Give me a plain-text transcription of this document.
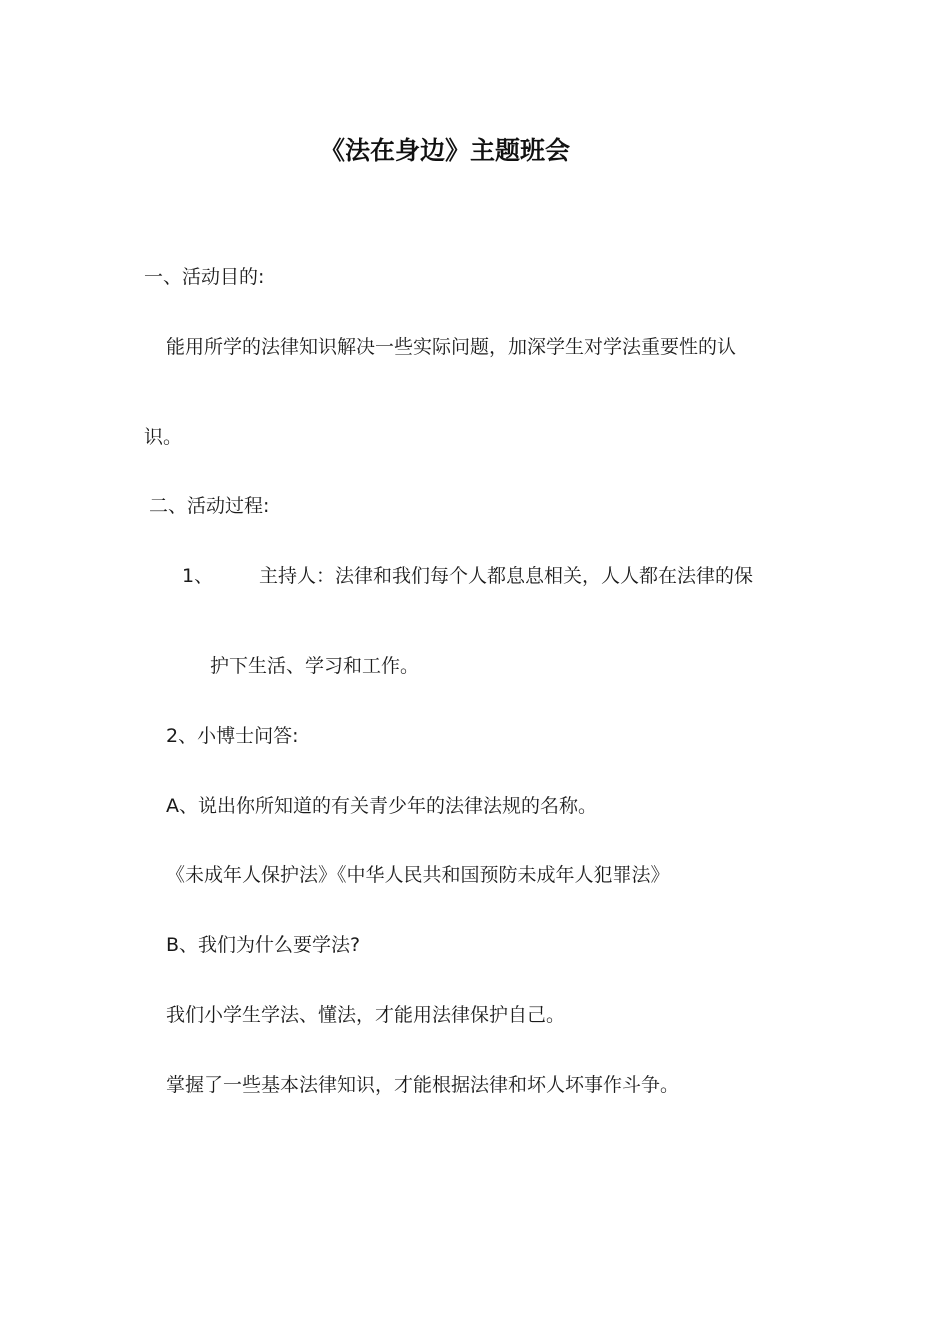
《法在身边》主题班会

一、活动目的:

能用所学的法律知识解决一些实际问题，加深学生对学法重要性的认

识。

二、活动过程:

1、 主持人：法律和我们每个人都息息相关，人人都在法律的保

护下生活、学习和工作。

2、小博士问答:

A、说出你所知道的有关青少年的法律法规的名称。

《未成年人保护法》《中华人民共和国预防未成年人犯罪法》

B、我们为什么要学法?

我们小学生学法、懂法，才能用法律保护自己。

掌握了一些基本法律知识，才能根据法律和坏人坏事作斗争。
